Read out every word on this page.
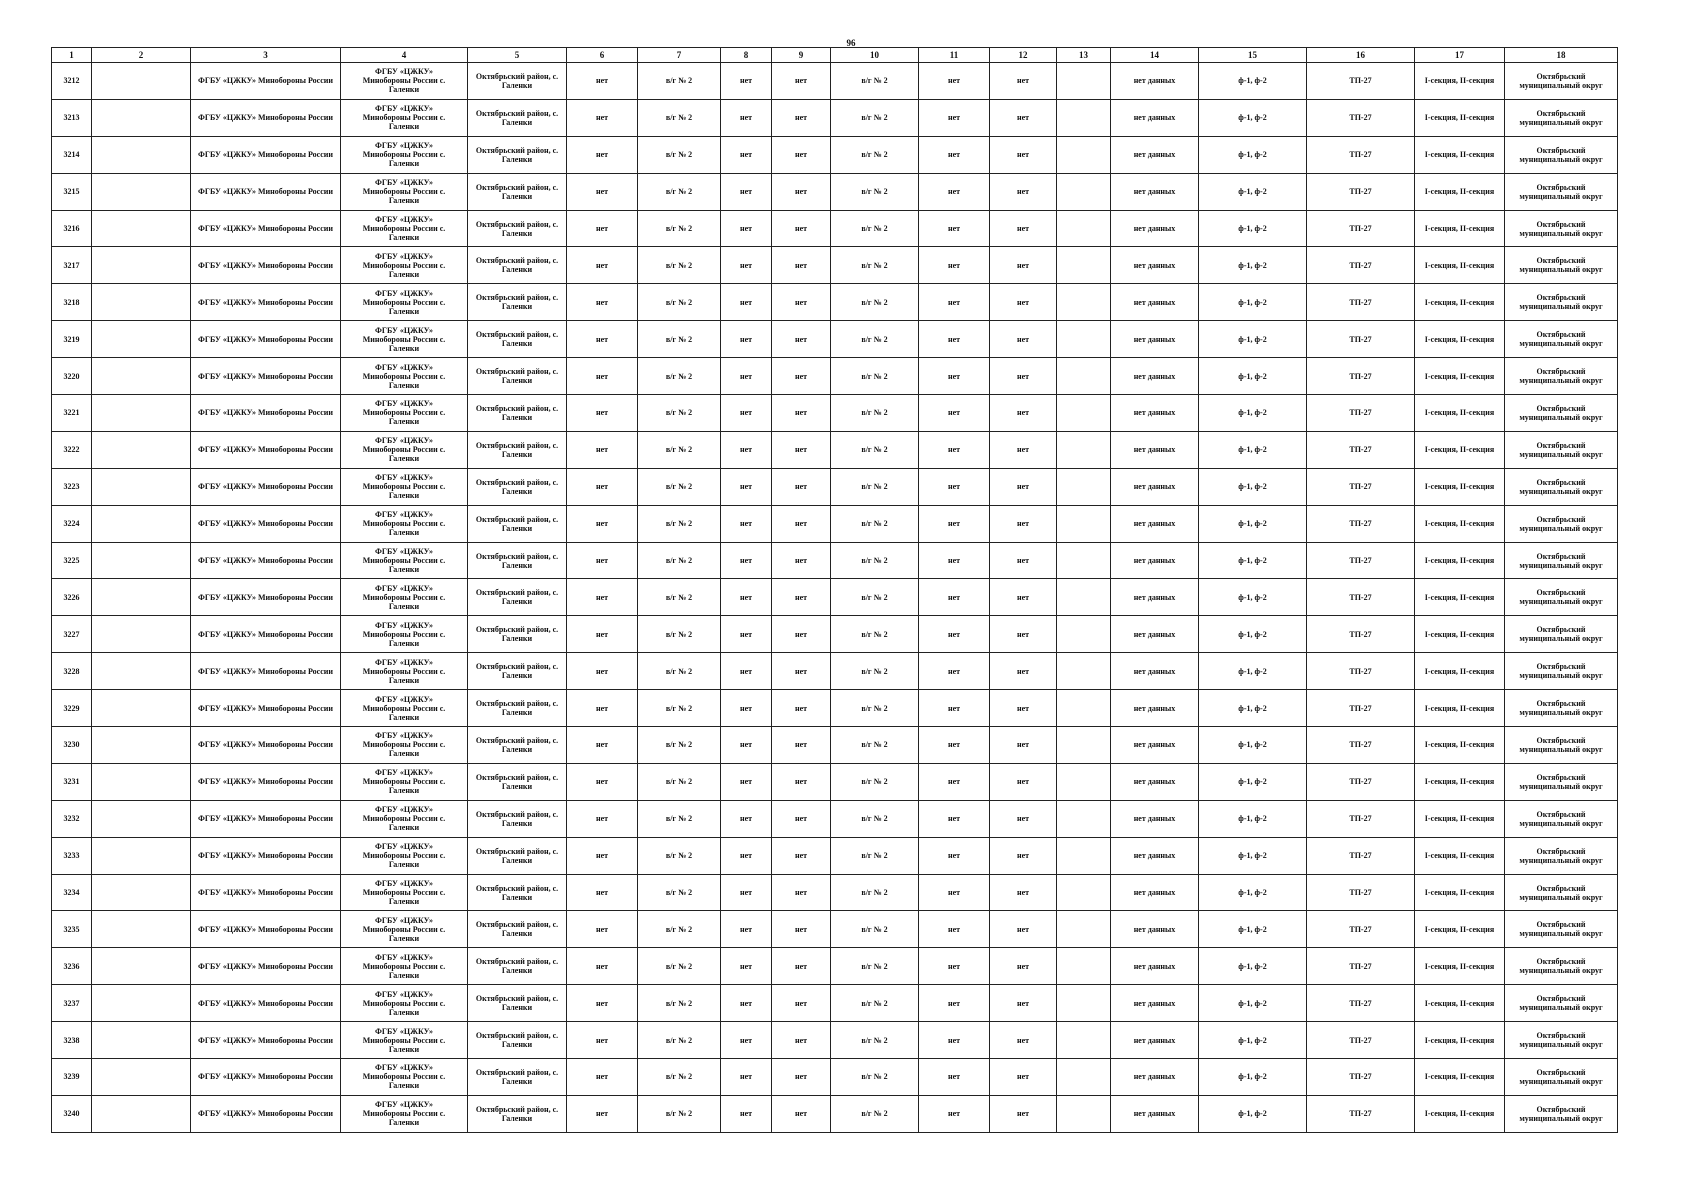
96
1	2	3	4	5	6	7	8	9	10	11	12	13	14	15	16	17	18
3212		ФГБУ «ЦЖКУ» Минобороны России	ФГБУ «ЦЖКУ»
Минобороны России с.
Галенки	Октябрьский район, с. Галенки	нет	в/г № 2	нет	нет	в/г № 2	нет	нет		нет данных	ф-1, ф-2	ТП-27	I-секция, II-секция	Октябрьский муниципальный округ
3213		ФГБУ «ЦЖКУ» Минобороны России	ФГБУ «ЦЖКУ»
Минобороны России с.
Галенки	Октябрьский район, с. Галенки	нет	в/г № 2	нет	нет	в/г № 2	нет	нет		нет данных	ф-1, ф-2	ТП-27	I-секция, II-секция	Октябрьский муниципальный округ
3214		ФГБУ «ЦЖКУ» Минобороны России	ФГБУ «ЦЖКУ»
Минобороны России с.
Галенки	Октябрьский район, с. Галенки	нет	в/г № 2	нет	нет	в/г № 2	нет	нет		нет данных	ф-1, ф-2	ТП-27	I-секция, II-секция	Октябрьский муниципальный округ
3215		ФГБУ «ЦЖКУ» Минобороны России	ФГБУ «ЦЖКУ»
Минобороны России с.
Галенки	Октябрьский район, с. Галенки	нет	в/г № 2	нет	нет	в/г № 2	нет	нет		нет данных	ф-1, ф-2	ТП-27	I-секция, II-секция	Октябрьский муниципальный округ
3216		ФГБУ «ЦЖКУ» Минобороны России	ФГБУ «ЦЖКУ»
Минобороны России с.
Галенки	Октябрьский район, с. Галенки	нет	в/г № 2	нет	нет	в/г № 2	нет	нет		нет данных	ф-1, ф-2	ТП-27	I-секция, II-секция	Октябрьский муниципальный округ
3217		ФГБУ «ЦЖКУ» Минобороны России	ФГБУ «ЦЖКУ»
Минобороны России с.
Галенки	Октябрьский район, с. Галенки	нет	в/г № 2	нет	нет	в/г № 2	нет	нет		нет данных	ф-1, ф-2	ТП-27	I-секция, II-секция	Октябрьский муниципальный округ
3218		ФГБУ «ЦЖКУ» Минобороны России	ФГБУ «ЦЖКУ»
Минобороны России с.
Галенки	Октябрьский район, с. Галенки	нет	в/г № 2	нет	нет	в/г № 2	нет	нет		нет данных	ф-1, ф-2	ТП-27	I-секция, II-секция	Октябрьский муниципальный округ
3219		ФГБУ «ЦЖКУ» Минобороны России	ФГБУ «ЦЖКУ»
Минобороны России с.
Галенки	Октябрьский район, с. Галенки	нет	в/г № 2	нет	нет	в/г № 2	нет	нет		нет данных	ф-1, ф-2	ТП-27	I-секция, II-секция	Октябрьский муниципальный округ
3220		ФГБУ «ЦЖКУ» Минобороны России	ФГБУ «ЦЖКУ»
Минобороны России с.
Галенки	Октябрьский район, с. Галенки	нет	в/г № 2	нет	нет	в/г № 2	нет	нет		нет данных	ф-1, ф-2	ТП-27	I-секция, II-секция	Октябрьский муниципальный округ
3221		ФГБУ «ЦЖКУ» Минобороны России	ФГБУ «ЦЖКУ»
Минобороны России с.
Галенки	Октябрьский район, с. Галенки	нет	в/г № 2	нет	нет	в/г № 2	нет	нет		нет данных	ф-1, ф-2	ТП-27	I-секция, II-секция	Октябрьский муниципальный округ
3222		ФГБУ «ЦЖКУ» Минобороны России	ФГБУ «ЦЖКУ»
Минобороны России с.
Галенки	Октябрьский район, с. Галенки	нет	в/г № 2	нет	нет	в/г № 2	нет	нет		нет данных	ф-1, ф-2	ТП-27	I-секция, II-секция	Октябрьский муниципальный округ
3223		ФГБУ «ЦЖКУ» Минобороны России	ФГБУ «ЦЖКУ»
Минобороны России с.
Галенки	Октябрьский район, с. Галенки	нет	в/г № 2	нет	нет	в/г № 2	нет	нет		нет данных	ф-1, ф-2	ТП-27	I-секция, II-секция	Октябрьский муниципальный округ
3224		ФГБУ «ЦЖКУ» Минобороны России	ФГБУ «ЦЖКУ»
Минобороны России с.
Галенки	Октябрьский район, с. Галенки	нет	в/г № 2	нет	нет	в/г № 2	нет	нет		нет данных	ф-1, ф-2	ТП-27	I-секция, II-секция	Октябрьский муниципальный округ
3225		ФГБУ «ЦЖКУ» Минобороны России	ФГБУ «ЦЖКУ»
Минобороны России с.
Галенки	Октябрьский район, с. Галенки	нет	в/г № 2	нет	нет	в/г № 2	нет	нет		нет данных	ф-1, ф-2	ТП-27	I-секция, II-секция	Октябрьский муниципальный округ
3226		ФГБУ «ЦЖКУ» Минобороны России	ФГБУ «ЦЖКУ»
Минобороны России с.
Галенки	Октябрьский район, с. Галенки	нет	в/г № 2	нет	нет	в/г № 2	нет	нет		нет данных	ф-1, ф-2	ТП-27	I-секция, II-секция	Октябрьский муниципальный округ
3227		ФГБУ «ЦЖКУ» Минобороны России	ФГБУ «ЦЖКУ»
Минобороны России с.
Галенки	Октябрьский район, с. Галенки	нет	в/г № 2	нет	нет	в/г № 2	нет	нет		нет данных	ф-1, ф-2	ТП-27	I-секция, II-секция	Октябрьский муниципальный округ
3228		ФГБУ «ЦЖКУ» Минобороны России	ФГБУ «ЦЖКУ»
Минобороны России с.
Галенки	Октябрьский район, с. Галенки	нет	в/г № 2	нет	нет	в/г № 2	нет	нет		нет данных	ф-1, ф-2	ТП-27	I-секция, II-секция	Октябрьский муниципальный округ
3229		ФГБУ «ЦЖКУ» Минобороны России	ФГБУ «ЦЖКУ»
Минобороны России с.
Галенки	Октябрьский район, с. Галенки	нет	в/г № 2	нет	нет	в/г № 2	нет	нет		нет данных	ф-1, ф-2	ТП-27	I-секция, II-секция	Октябрьский муниципальный округ
3230		ФГБУ «ЦЖКУ» Минобороны России	ФГБУ «ЦЖКУ»
Минобороны России с.
Галенки	Октябрьский район, с. Галенки	нет	в/г № 2	нет	нет	в/г № 2	нет	нет		нет данных	ф-1, ф-2	ТП-27	I-секция, II-секция	Октябрьский муниципальный округ
3231		ФГБУ «ЦЖКУ» Минобороны России	ФГБУ «ЦЖКУ»
Минобороны России с.
Галенки	Октябрьский район, с. Галенки	нет	в/г № 2	нет	нет	в/г № 2	нет	нет		нет данных	ф-1, ф-2	ТП-27	I-секция, II-секция	Октябрьский муниципальный округ
3232		ФГБУ «ЦЖКУ» Минобороны России	ФГБУ «ЦЖКУ»
Минобороны России с.
Галенки	Октябрьский район, с. Галенки	нет	в/г № 2	нет	нет	в/г № 2	нет	нет		нет данных	ф-1, ф-2	ТП-27	I-секция, II-секция	Октябрьский муниципальный округ
3233		ФГБУ «ЦЖКУ» Минобороны России	ФГБУ «ЦЖКУ»
Минобороны России с.
Галенки	Октябрьский район, с. Галенки	нет	в/г № 2	нет	нет	в/г № 2	нет	нет		нет данных	ф-1, ф-2	ТП-27	I-секция, II-секция	Октябрьский муниципальный округ
3234		ФГБУ «ЦЖКУ» Минобороны России	ФГБУ «ЦЖКУ»
Минобороны России с.
Галенки	Октябрьский район, с. Галенки	нет	в/г № 2	нет	нет	в/г № 2	нет	нет		нет данных	ф-1, ф-2	ТП-27	I-секция, II-секция	Октябрьский муниципальный округ
3235		ФГБУ «ЦЖКУ» Минобороны России	ФГБУ «ЦЖКУ»
Минобороны России с.
Галенки	Октябрьский район, с. Галенки	нет	в/г № 2	нет	нет	в/г № 2	нет	нет		нет данных	ф-1, ф-2	ТП-27	I-секция, II-секция	Октябрьский муниципальный округ
3236		ФГБУ «ЦЖКУ» Минобороны России	ФГБУ «ЦЖКУ»
Минобороны России с.
Галенки	Октябрьский район, с. Галенки	нет	в/г № 2	нет	нет	в/г № 2	нет	нет		нет данных	ф-1, ф-2	ТП-27	I-секция, II-секция	Октябрьский муниципальный округ
3237		ФГБУ «ЦЖКУ» Минобороны России	ФГБУ «ЦЖКУ»
Минобороны России с.
Галенки	Октябрьский район, с. Галенки	нет	в/г № 2	нет	нет	в/г № 2	нет	нет		нет данных	ф-1, ф-2	ТП-27	I-секция, II-секция	Октябрьский муниципальный округ
3238		ФГБУ «ЦЖКУ» Минобороны России	ФГБУ «ЦЖКУ»
Минобороны России с.
Галенки	Октябрьский район, с. Галенки	нет	в/г № 2	нет	нет	в/г № 2	нет	нет		нет данных	ф-1, ф-2	ТП-27	I-секция, II-секция	Октябрьский муниципальный округ
3239		ФГБУ «ЦЖКУ» Минобороны России	ФГБУ «ЦЖКУ»
Минобороны России с.
Галенки	Октябрьский район, с. Галенки	нет	в/г № 2	нет	нет	в/г № 2	нет	нет		нет данных	ф-1, ф-2	ТП-27	I-секция, II-секция	Октябрьский муниципальный округ
3240		ФГБУ «ЦЖКУ» Минобороны России	ФГБУ «ЦЖКУ»
Минобороны России с.
Галенки	Октябрьский район, с. Галенки	нет	в/г № 2	нет	нет	в/г № 2	нет	нет		нет данных	ф-1, ф-2	ТП-27	I-секция, II-секция	Октябрьский муниципальный округ
